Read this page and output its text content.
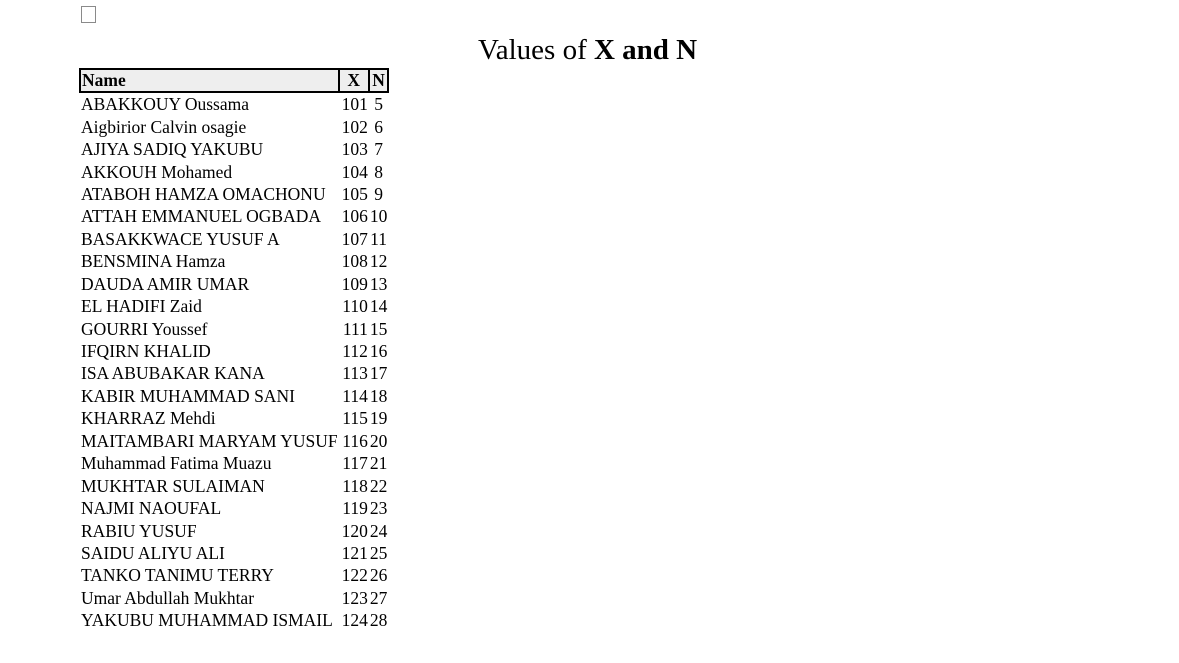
Values of X and N
Name	X	N
ABAKKOUY Oussama	101	5
Aigbirior Calvin osagie	102	6
AJIYA SADIQ YAKUBU	103	7
AKKOUH Mohamed	104	8
ATABOH HAMZA OMACHONU	105	9
ATTAH EMMANUEL OGBADA	106	10
BASAKKWACE YUSUF A	107	11
BENSMINA Hamza	108	12
DAUDA AMIR UMAR	109	13
EL HADIFI Zaid	110	14
GOURRI Youssef	111	15
IFQIRN KHALID	112	16
ISA ABUBAKAR KANA	113	17
KABIR MUHAMMAD SANI	114	18
KHARRAZ Mehdi	115	19
MAITAMBARI MARYAM YUSUF	116	20
Muhammad Fatima Muazu	117	21
MUKHTAR SULAIMAN	118	22
NAJMI NAOUFAL	119	23
RABIU YUSUF	120	24
SAIDU ALIYU ALI	121	25
TANKO TANIMU TERRY	122	26
Umar Abdullah Mukhtar	123	27
YAKUBU MUHAMMAD ISMAIL	124	28
